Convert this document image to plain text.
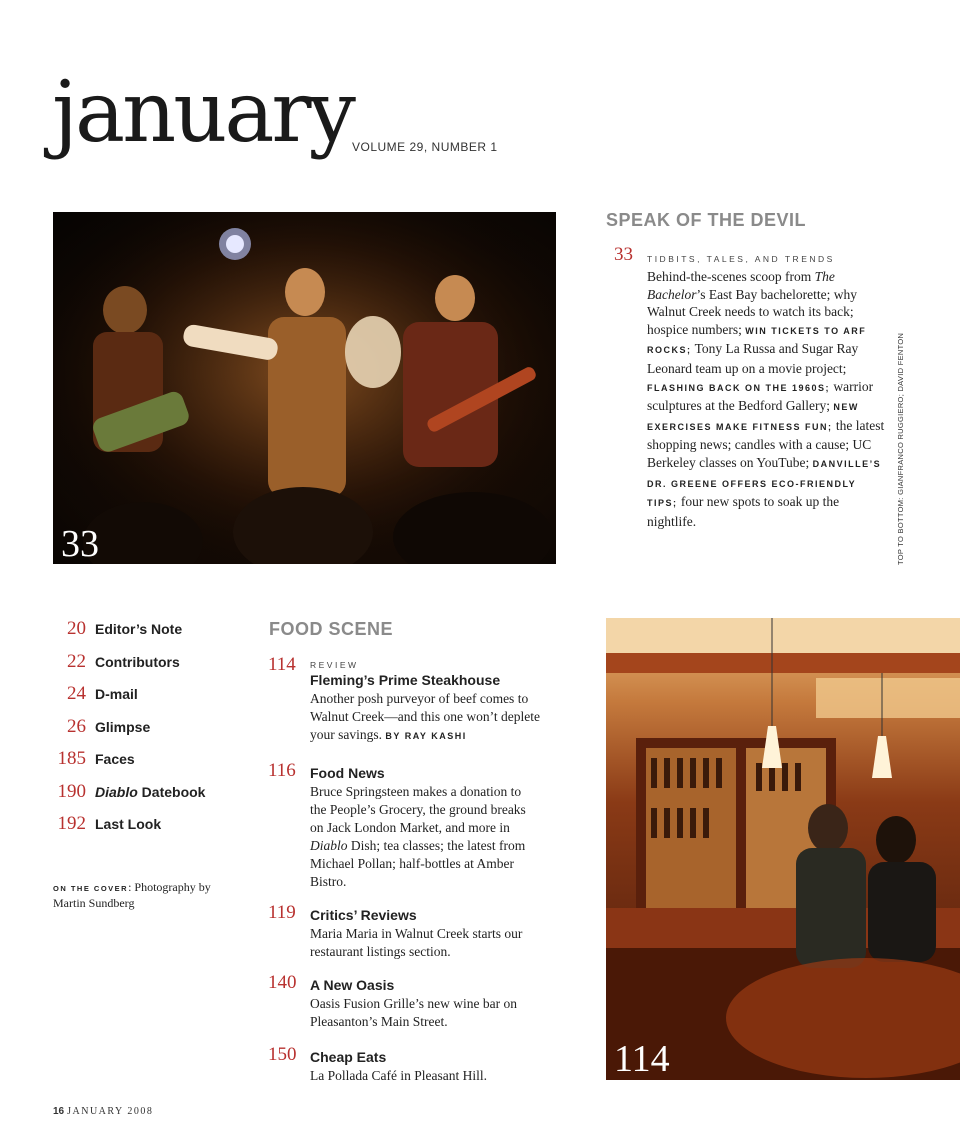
january
VOLUME 29, NUMBER 1
33
SPEAK OF THE DEVIL
33 TIDBITS, TALES, AND TRENDS
Behind-the-scenes scoop from The Bachelor’s East Bay bachelorette; why Walnut Creek needs to watch its back; hospice numbers; WIN TICKETS TO ARF ROCKS; Tony La Russa and Sugar Ray Leonard team up on a movie project; FLASHING BACK ON THE 1960S; warrior sculptures at the Bedford Gallery; NEW EXERCISES MAKE FITNESS FUN; the latest shopping news; candles with a cause; UC Berkeley classes on YouTube; DANVILLE’S DR. GREENE OFFERS ECO-FRIENDLY TIPS; four new spots to soak up the nightlife.	TOP TO BOTTOM: GIANFRANCO RUGGIERO; DAVID FENTON
20 Editor’s Note
22 Contributors
24 D-mail
26 Glimpse
185 Faces
190 Diablo Datebook
192 Last Look
ON THE COVER: Photography by Martin Sundberg
FOOD SCENE
114 REVIEW
Fleming’s Prime Steakhouse
Another posh purveyor of beef comes to Walnut Creek—and this one won’t deplete your savings. BY RAY KASHI
116 Food News
Bruce Springsteen makes a donation to the People’s Grocery, the ground breaks on Jack London Market, and more in Diablo Dish; tea classes; the latest from Michael Pollan; half-bottles at Amber Bistro.
119 Critics’ Reviews
Maria Maria in Walnut Creek starts our restaurant listings section.
140 A New Oasis
Oasis Fusion Grille’s new wine bar on Pleasanton’s Main Street.
150 Cheap Eats
La Pollada Café in Pleasant Hill.	114
16 JANUARY 2008
